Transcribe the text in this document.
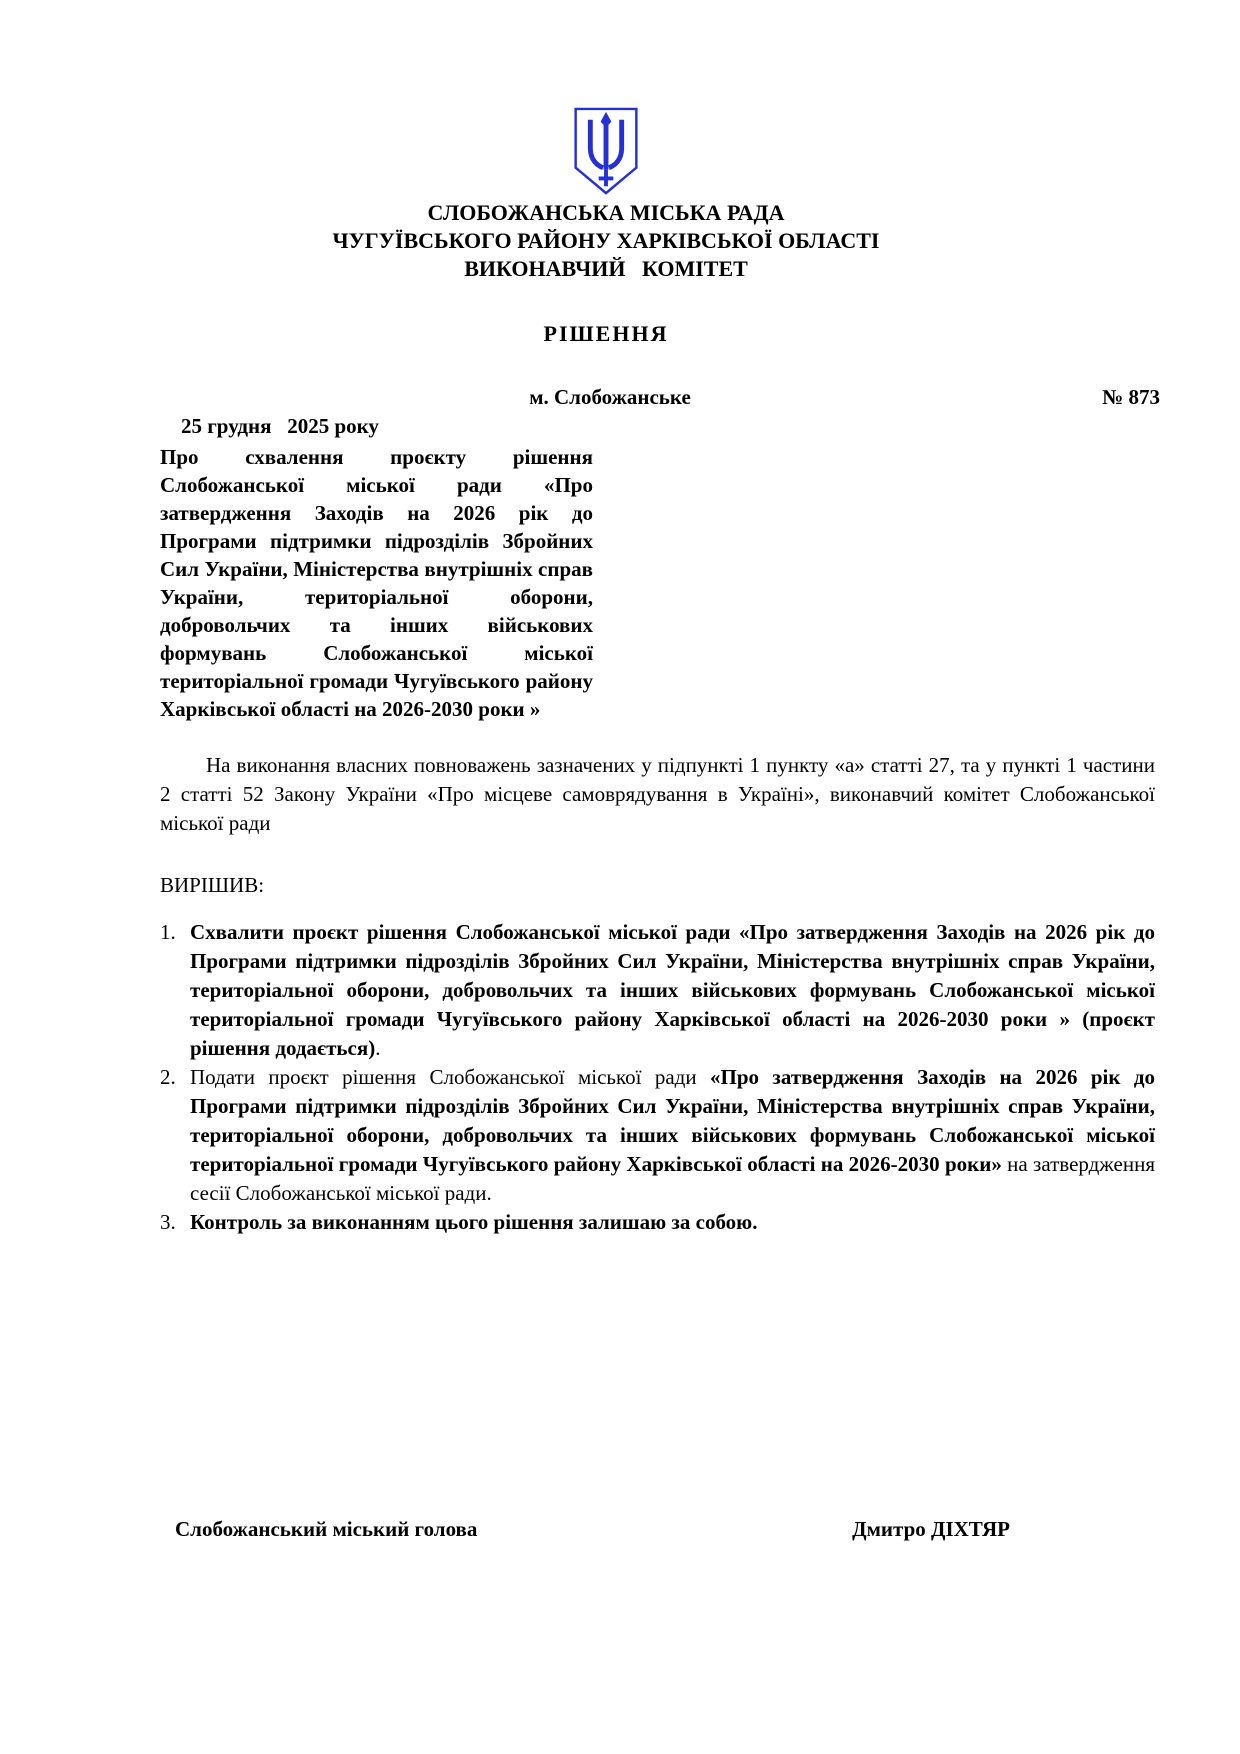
СЛОБОЖАНСЬКА МІСЬКА РАДА
ЧУГУЇВСЬКОГО РАЙОНУ ХАРКІВСЬКОЇ ОБЛАСТІ
ВИКОНАВЧИЙ   КОМІТЕТ
РІШЕННЯ

25 грудня   2025 року

м. Слобожанське

	№ 873

Про схвалення проєкту рішення Слобожанської міської ради «Про затвердження Заходів на 2026 рік до Програми підтримки підрозділів Збройних Сил України, Міністерства внутрішніх справ України, територіальної оборони, добровольчих та інших військових формувань Слобожанської міської територіальної громади Чугуївського району Харківської області на 2026-2030 роки »

На виконання власних повноважень зазначених у підпункті 1 пункту «а» статті 27, та у пункті 1 частини 2 статті 52 Закону України «Про місцеве самоврядування в Україні», виконавчий комітет Слобожанської міської ради

ВИРІШИВ:
1. Схвалити проєкт рішення Слобожанської міської ради «Про затвердження Заходів на 2026 рік до Програми підтримки підрозділів Збройних Сил України, Міністерства внутрішніх справ України, територіальної оборони, добровольчих та інших військових формувань Слобожанської міської територіальної громади Чугуївського району Харківської області на 2026-2030 роки » (проєкт рішення додається).
2. Подати проєкт рішення Слобожанської міської ради «Про затвердження Заходів на 2026 рік до Програми підтримки підрозділів Збройних Сил України, Міністерства внутрішніх справ України, територіальної оборони, добровольчих та інших військових формувань Слобожанської міської територіальної громади Чугуївського району Харківської області на 2026-2030 роки» на затвердження сесії Слобожанської міської ради.
3. Контроль за виконанням цього рішення залишаю за собою.
Слобожанський міський голова	Дмитро ДІХТЯР
